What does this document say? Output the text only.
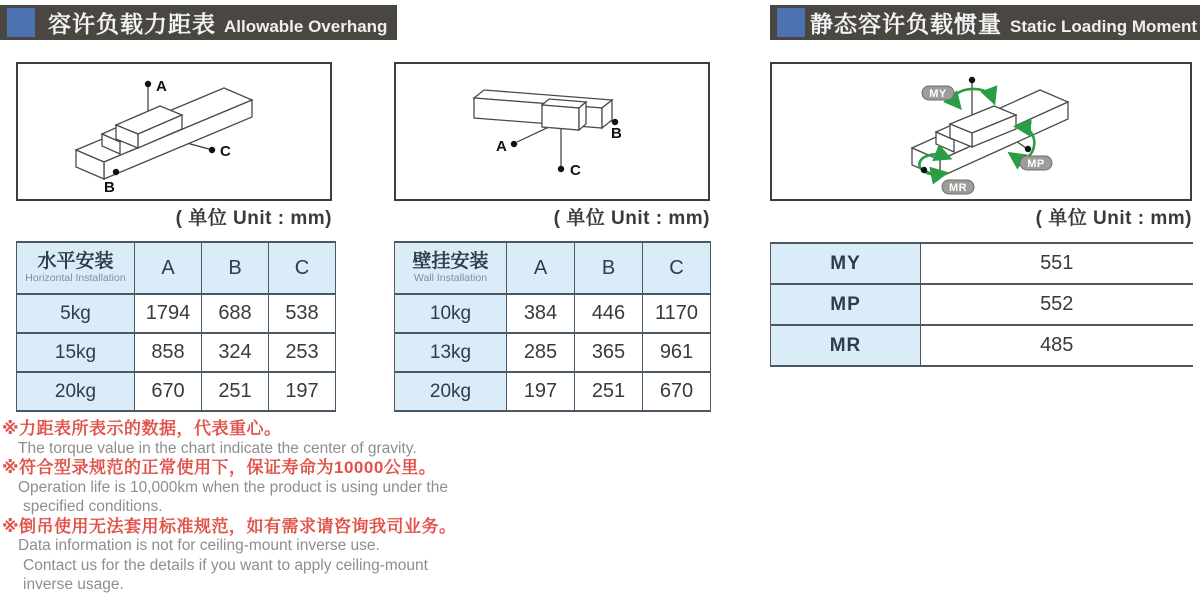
容许负载力距表 Allowable Overhang	静态容许负载惯量 Static Loading Moment
A
B
C	A
B
C
MY
MP
MR
( 单位 Unit : mm)	( 单位 Unit : mm)	( 单位 Unit : mm)
水平安装
Horizontal Installation	A	B	C
5kg	1794	688	538
15kg	858	324	253
20kg	670	251	197
壁挂安装
Wall Installation	A	B	C
10kg	384	446	1170
13kg	285	365	961
20kg	197	251	670
MY	551
MP	552
MR	485
※力距表所表示的数据，代表重心。
The torque value in the chart indicate the center of gravity.
※符合型录规范的正常使用下，保证寿命为10000公里。
Operation life is 10,000km when the product is using under the
specified conditions.
※倒吊使用无法套用标准规范，如有需求请咨询我司业务。
Data information is not for ceiling-mount inverse use.
Contact us for the details if you want to apply ceiling-mount
inverse usage.
